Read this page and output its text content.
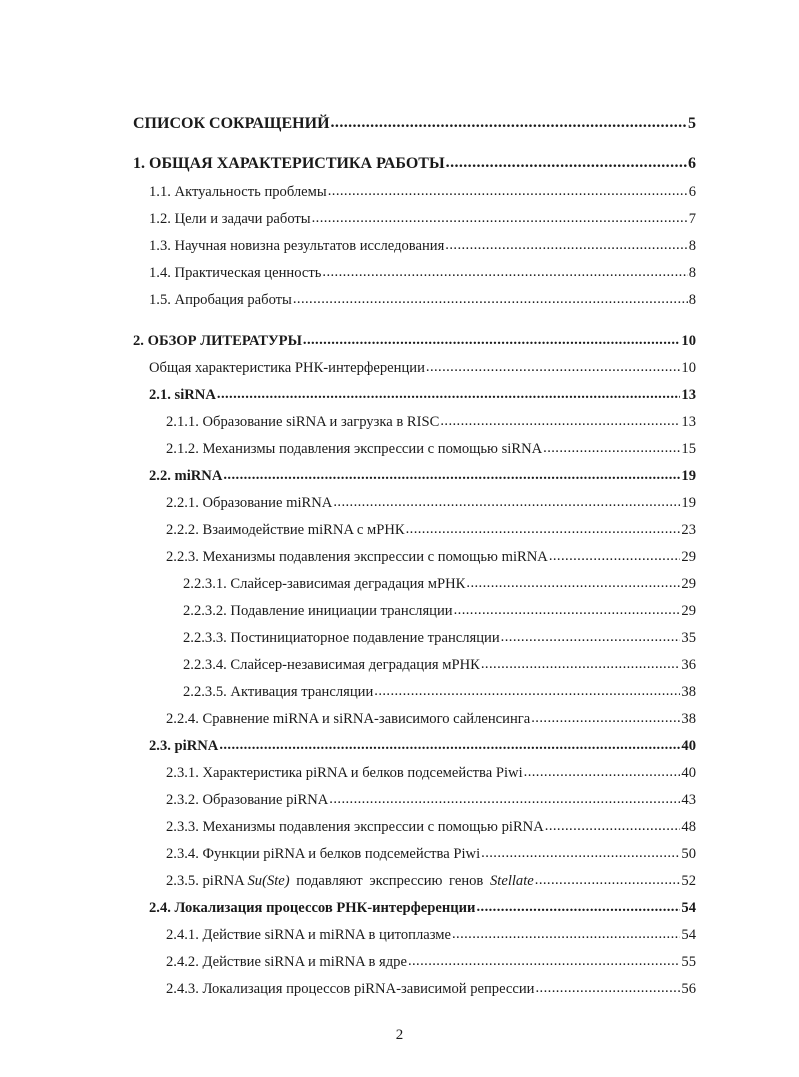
СПИСОК СОКРАЩЕНИЙ .....	5
1. ОБЩАЯ ХАРАКТЕРИСТИКА РАБОТЫ .....	6
1.1. Актуальность проблемы .....	6
1.2. Цели и задачи работы .....	7
1.3. Научная новизна результатов исследования .....	8
1.4. Практическая ценность .....	8
1.5. Апробация работы .....	8
2. ОБЗОР ЛИТЕРАТУРЫ .....	10
Общая характеристика РНК-интерференции .....	10
2.1. siRNA .....	13
2.1.1. Образование siRNA и загрузка в RISC .....	13
2.1.2. Механизмы подавления экспрессии с помощью siRNA .....	15
2.2. miRNA .....	19
2.2.1. Образование miRNA .....	19
2.2.2. Взаимодействие miRNA с мРНК .....	23
2.2.3. Механизмы подавления экспрессии с помощью miRNA .....	29
2.2.3.1. Слайсер-зависимая деградация мРНК .....	29
2.2.3.2. Подавление инициации трансляции .....	29
2.2.3.3. Постинициаторное подавление трансляции .....	35
2.2.3.4. Слайсер-независимая деградация мРНК .....	36
2.2.3.5. Активация трансляции .....	38
2.2.4. Сравнение miRNA и siRNA-зависимого сайленсинга .....	38
2.3. piRNA .....	40
2.3.1. Характеристика piRNA и белков подсемейства Piwi .....	40
2.3.2. Образование piRNA .....	43
2.3.3. Механизмы подавления экспрессии с помощью piRNA .....	48
2.3.4. Функции piRNA и белков подсемейства Piwi .....	50
2.3.5. piRNA Su(Ste) подавляют экспрессию генов Stellate .....	52
2.4. Локализация процессов РНК-интерференции .....	54
2.4.1. Действие siRNA и miRNA в цитоплазме .....	54
2.4.2. Действие siRNA и miRNA в ядре .....	55
2.4.3. Локализация процессов piRNA-зависимой репрессии .....	56
2
